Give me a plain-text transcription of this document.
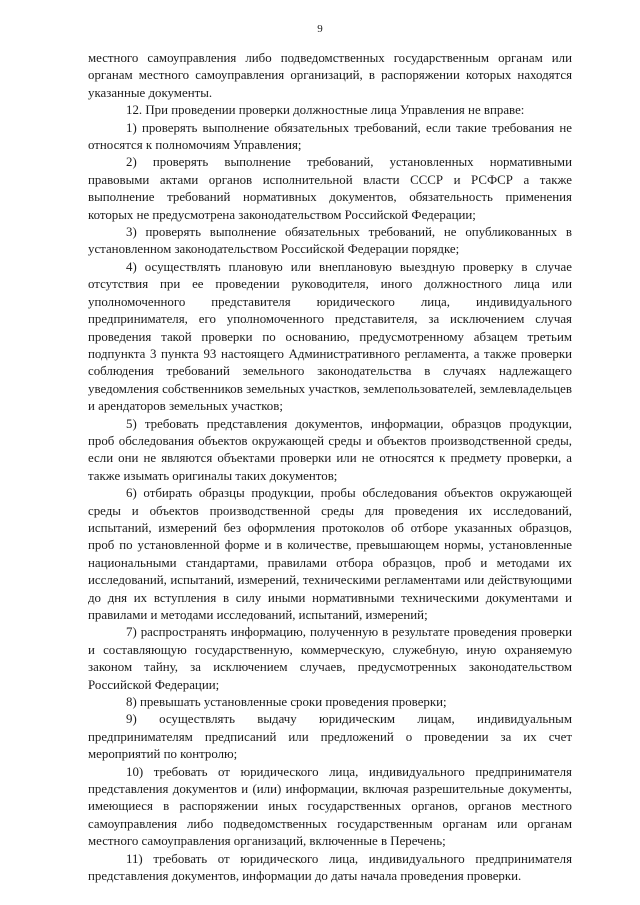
9

местного самоуправления либо подведомственных государственным органам или органам местного самоуправления организаций, в распоряжении которых находятся указанные документы.

12. При проведении проверки должностные лица Управления не вправе:

1) проверять выполнение обязательных требований, если такие требования не относятся к полномочиям Управления;

2) проверять выполнение требований, установленных нормативными правовыми актами органов исполнительной власти СССР и РСФСР а также выполнение требований нормативных документов, обязательность применения которых не предусмотрена законодательством Российской Федерации;

3) проверять выполнение обязательных требований, не опубликованных в установленном законодательством Российской Федерации порядке;

4) осуществлять плановую или внеплановую выездную проверку в случае отсутствия при ее проведении руководителя, иного должностного лица или уполномоченного представителя юридического лица, индивидуального предпринимателя, его уполномоченного представителя, за исключением случая проведения такой проверки по основанию, предусмотренному абзацем третьим подпункта 3 пункта 93 настоящего Административного регламента, а также проверки соблюдения требований земельного законодательства в случаях надлежащего уведомления собственников земельных участков, землепользователей, землевладельцев и арендаторов земельных участков;

5) требовать представления документов, информации, образцов продукции, проб обследования объектов окружающей среды и объектов производственной среды, если они не являются объектами проверки или не относятся к предмету проверки, а также изымать оригиналы таких документов;

6) отбирать образцы продукции, пробы обследования объектов окружающей среды и объектов производственной среды для проведения их исследований, испытаний, измерений без оформления протоколов об отборе указанных образцов, проб по установленной форме и в количестве, превышающем нормы, установленные национальными стандартами, правилами отбора образцов, проб и методами их исследований, испытаний, измерений, техническими регламентами или действующими до дня их вступления в силу иными нормативными техническими документами и правилами и методами исследований, испытаний, измерений;

7) распространять информацию, полученную в результате проведения проверки и составляющую государственную, коммерческую, служебную, иную охраняемую законом тайну, за исключением случаев, предусмотренных законодательством Российской Федерации;

8) превышать установленные сроки проведения проверки;

9) осуществлять выдачу юридическим лицам, индивидуальным предпринимателям предписаний или предложений о проведении за их счет мероприятий по контролю;

10) требовать от юридического лица, индивидуального предпринимателя представления документов и (или) информации, включая разрешительные документы, имеющиеся в распоряжении иных государственных органов, органов местного самоуправления либо подведомственных государственным органам или органам местного самоуправления организаций, включенные в Перечень;

11) требовать от юридического лица, индивидуального предпринимателя представления документов, информации до даты начала проведения проверки.
